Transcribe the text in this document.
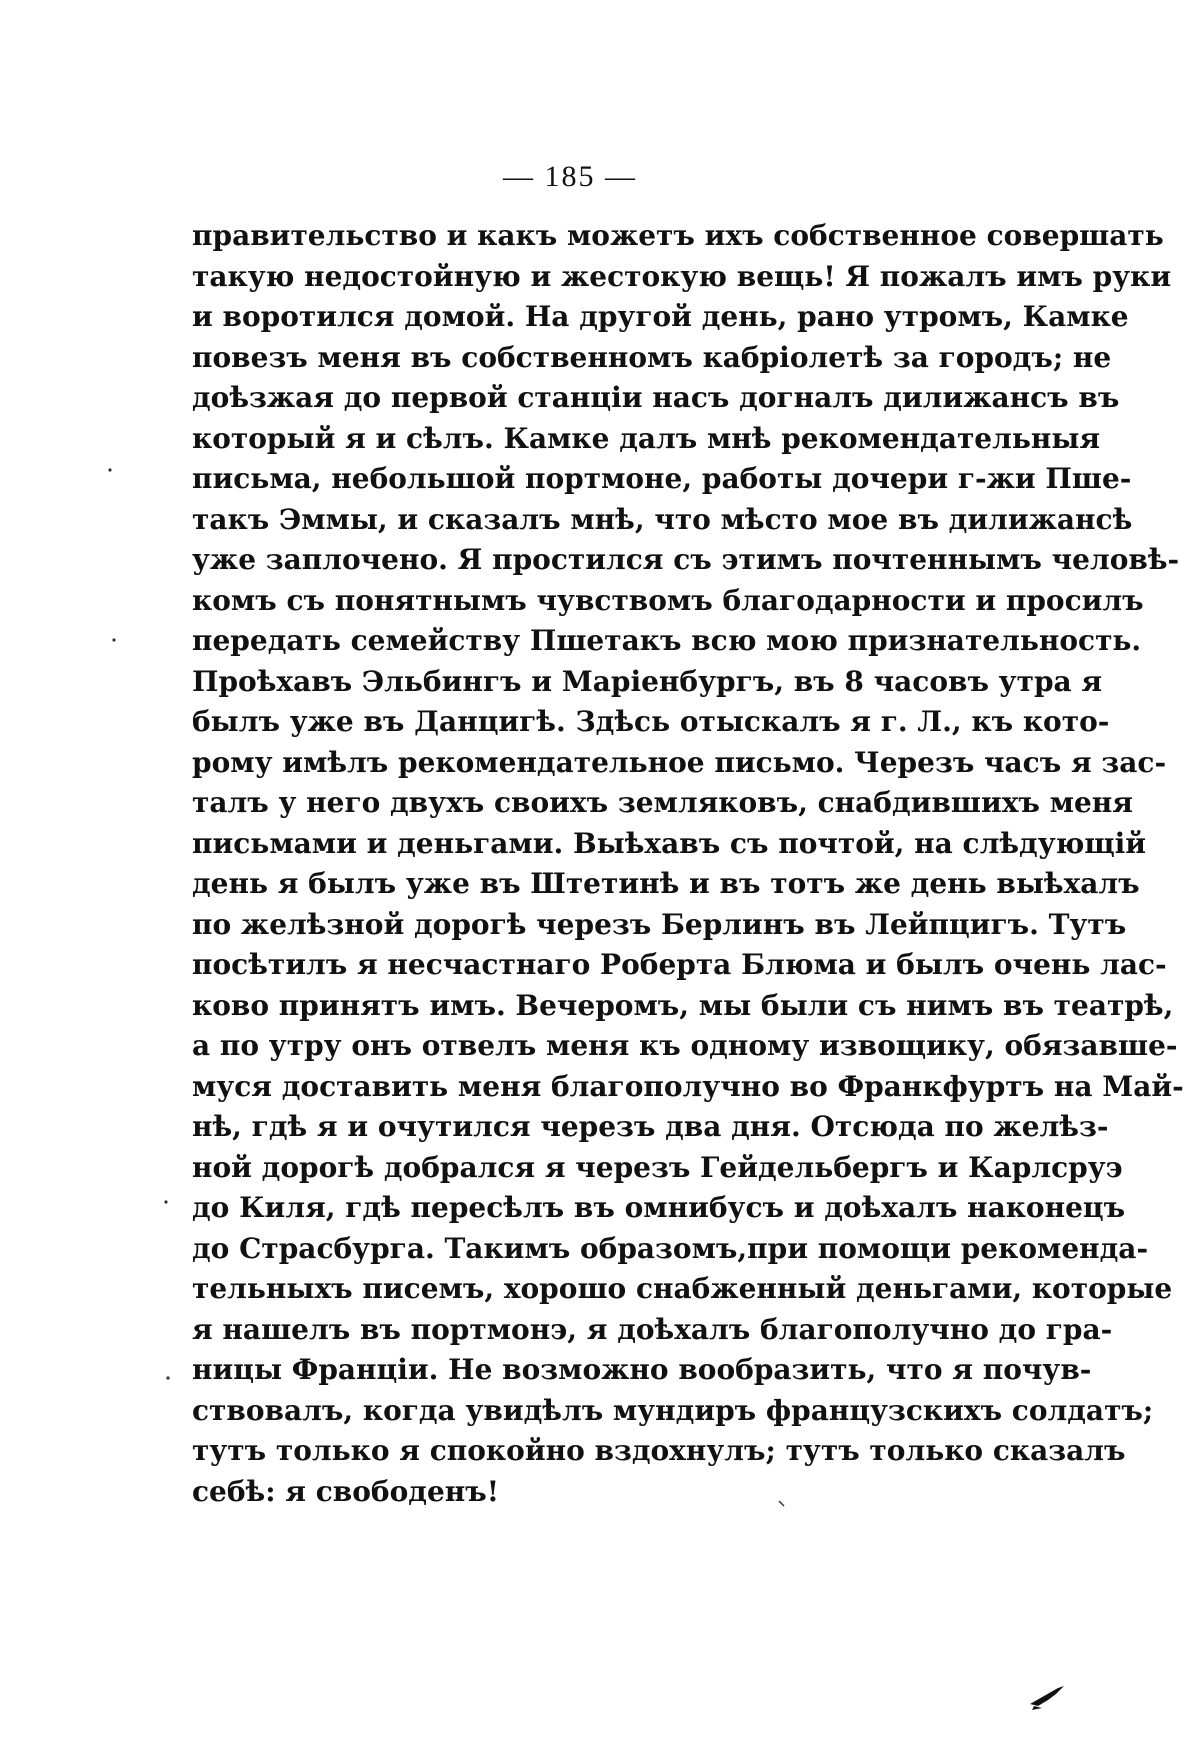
— 185 —
правительство и какъ можетъ ихъ собственное совершать
такую недостойную и жестокую вещь! Я пожалъ имъ руки
и воротился домой. На другой день, рано утромъ, Камке
повезъ меня въ собственномъ кабріолетѣ за городъ; не
доѣзжая до первой станціи насъ догналъ дилижансъ въ
который я и сѣлъ. Камке далъ мнѣ рекомендательныя
письма, небольшой портмоне, работы дочери г-жи Пше-
такъ Эммы, и сказалъ мнѣ, что мѣсто мое въ дилижансѣ
уже заплочено. Я простился съ этимъ почтеннымъ человѣ-
комъ съ понятнымъ чувствомъ благодарности и просилъ
передать семейству Пшетакъ всю мою признательность.
Проѣхавъ Эльбингъ и Маріенбургъ, въ 8 часовъ утра я
былъ уже въ Данцигѣ. Здѣсь отыскалъ я г. Л., къ кото-
рому имѣлъ рекомендательное письмо. Черезъ часъ я зас-
талъ у него двухъ своихъ земляковъ, снабдившихъ меня
письмами и деньгами. Выѣхавъ съ почтой, на слѣдующій
день я былъ уже въ Штетинѣ и въ тотъ же день выѣхалъ
по желѣзной дорогѣ черезъ Берлинъ въ Лейпцигъ. Тутъ
посѣтилъ я несчастнаго Роберта Блюма и былъ очень лас-
ково принятъ имъ. Вечеромъ, мы были съ нимъ въ театрѣ,
а по утру онъ отвелъ меня къ одному извощику, обязавше-
муся доставить меня благополучно во Франкфуртъ на Май-
нѣ, гдѣ я и очутился черезъ два дня. Отсюда по желѣз-
ной дорогѣ добрался я черезъ Гейдельбергъ и Карлсруэ
до Киля, гдѣ пересѣлъ въ омнибусъ и доѣхалъ наконецъ
до Страсбурга. Такимъ образомъ,при помощи рекоменда-
тельныхъ писемъ, хорошо снабженный деньгами, которые
я нашелъ въ портмонэ, я доѣхалъ благополучно до гра-
ницы Франціи. Не возможно вообразить, что я почув-
ствовалъ, когда увидѣлъ мундиръ французскихъ солдатъ;
тутъ только я спокойно вздохнулъ; тутъ только сказалъ
себѣ: я свободенъ!
